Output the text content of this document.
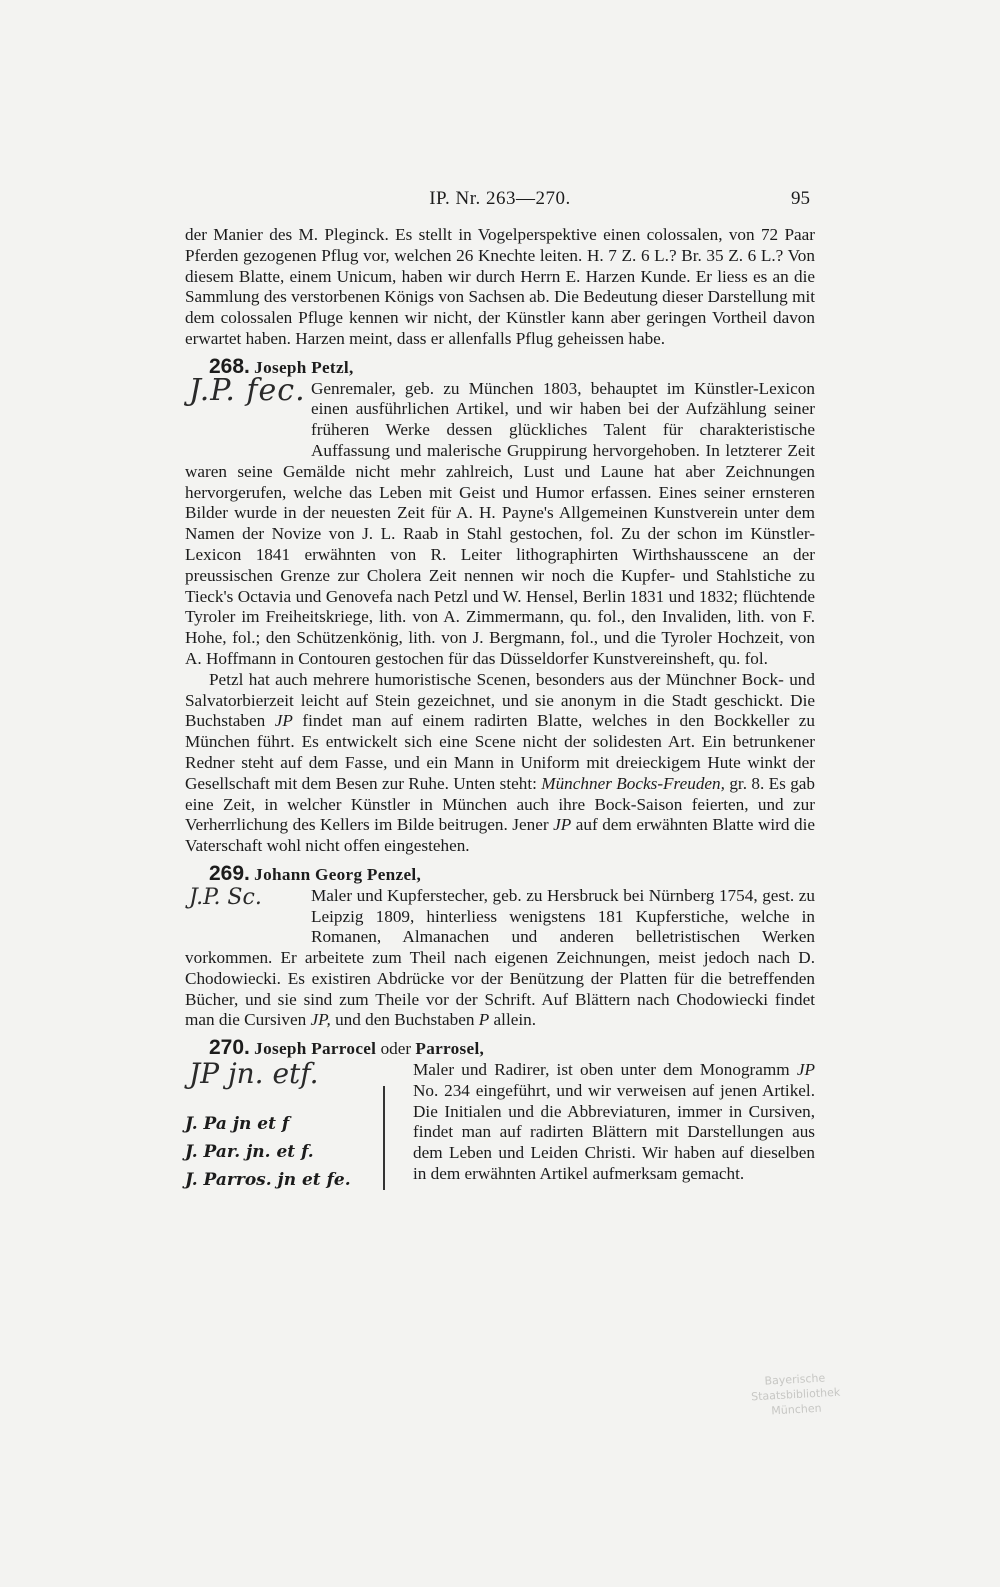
IP. Nr. 263—270.	95

der Manier des M. Pleginck. Es stellt in Vogelperspektive einen colossalen, von 72 Paar Pferden gezogenen Pflug vor, welchen 26 Knechte leiten. H. 7 Z. 6 L.? Br. 35 Z. 6 L.? Von diesem Blatte, einem Unicum, haben wir durch Herrn E. Harzen Kunde. Er liess es an die Sammlung des verstorbenen Königs von Sachsen ab. Die Bedeutung dieser Darstellung mit dem colossalen Pfluge kennen wir nicht, der Künstler kann aber geringen Vortheil davon erwartet haben. Harzen meint, dass er allenfalls Pflug geheissen habe.

268. Joseph Petzl,

J.P. fec. Genremaler, geb. zu München 1803, behauptet im Künstler-Lexicon einen ausführlichen Artikel, und wir haben bei der Aufzählung seiner früheren Werke dessen glückliches Talent für charakteristische Auffassung und malerische Gruppirung hervorgehoben. In letzterer Zeit waren seine Gemälde nicht mehr zahlreich, Lust und Laune hat aber Zeichnungen hervorgerufen, welche das Leben mit Geist und Humor erfassen. Eines seiner ernsteren Bilder wurde in der neuesten Zeit für A. H. Payne's Allgemeinen Kunstverein unter dem Namen der Novize von J. L. Raab in Stahl gestochen, fol. Zu der schon im Künstler-Lexicon 1841 erwähnten von R. Leiter lithographirten Wirthshausscene an der preussischen Grenze zur Cholera Zeit nennen wir noch die Kupfer- und Stahlstiche zu Tieck's Octavia und Genovefa nach Petzl und W. Hensel, Berlin 1831 und 1832; flüchtende Tyroler im Freiheitskriege, lith. von A. Zimmermann, qu. fol., den Invaliden, lith. von F. Hohe, fol.; den Schützenkönig, lith. von J. Bergmann, fol., und die Tyroler Hochzeit, von A. Hoffmann in Contouren gestochen für das Düsseldorfer Kunstvereinsheft, qu. fol.

Petzl hat auch mehrere humoristische Scenen, besonders aus der Münchner Bock- und Salvatorbierzeit leicht auf Stein gezeichnet, und sie anonym in die Stadt geschickt. Die Buchstaben JP findet man auf einem radirten Blatte, welches in den Bockkeller zu München führt. Es entwickelt sich eine Scene nicht der solidesten Art. Ein betrunkener Redner steht auf dem Fasse, und ein Mann in Uniform mit dreieckigem Hute winkt der Gesellschaft mit dem Besen zur Ruhe. Unten steht: Münchner Bocks-Freuden, gr. 8. Es gab eine Zeit, in welcher Künstler in München auch ihre Bock-Saison feierten, und zur Verherrlichung des Kellers im Bilde beitrugen. Jener JP auf dem erwähnten Blatte wird die Vaterschaft wohl nicht offen eingestehen.

269. Johann Georg Penzel,

J.P. Sc.	Maler und Kupferstecher, geb. zu Hersbruck bei Nürnberg 1754, gest. zu Leipzig 1809, hinterliess wenigstens 181 Kupferstiche, welche in Romanen, Almanachen und anderen belletristischen Werken vorkommen. Er arbeitete zum Theil nach eigenen Zeichnungen, meist jedoch nach D. Chodowiecki. Es existiren Abdrücke vor der Benützung der Platten für die betreffenden Bücher, und sie sind zum Theile vor der Schrift. Auf Blättern nach Chodowiecki findet man die Cursiven JP, und den Buchstaben P allein.

270. Joseph Parrocel oder Parrosel,

JP jn. etf.
J. Pa jn et f
J. Par. jn. et f.
J. Parros. jn et fe.

Maler und Radirer, ist oben unter dem Monogramm JP No. 234 eingeführt, und wir verweisen auf jenen Artikel. Die Initialen und die Abbreviaturen, immer in Cursiven, findet man auf radirten Blättern mit Darstellungen aus dem Leben und Leiden Christi. Wir haben auf dieselben in dem erwähnten Artikel aufmerksam gemacht.

Bayerische
Staatsbibliothek
München
